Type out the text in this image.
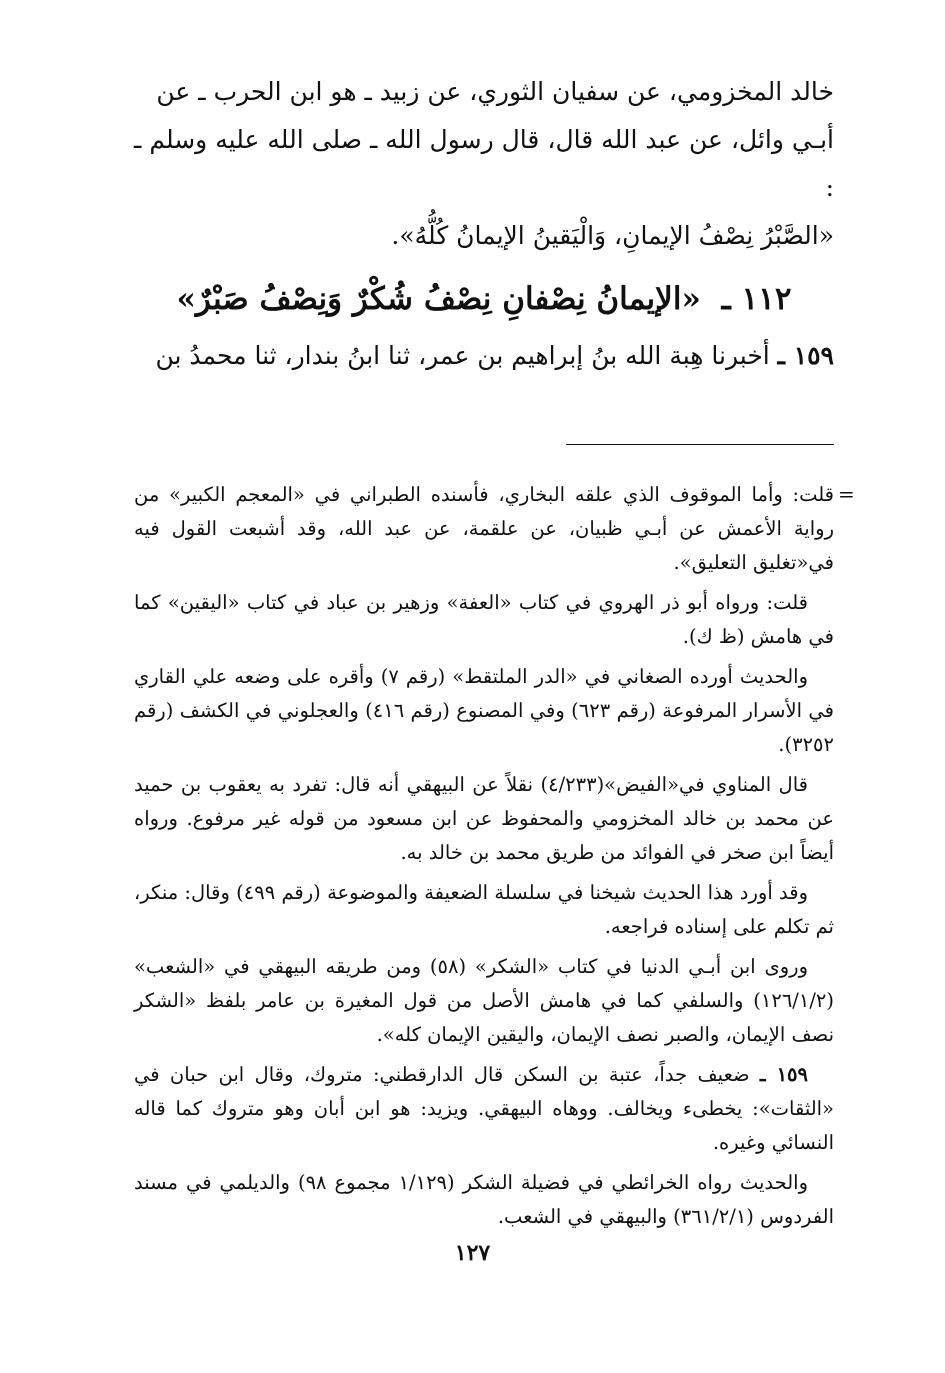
خالد المخزومي، عن سفيان الثوري، عن زبيد ـ هو ابن الحرب ـ عن

أبـي وائل، عن عبد الله قال، قال رسول الله ـ صلى الله عليه وسلم ـ :

«الصَّبْرُ نِصْفُ الإيمانِ، وَالْيَقينُ الإيمانُ كُلُّهُ».

١١٢ ـ «الإيمانُ نِصْفانِ نِصْفُ شُكْرٌ وَنِصْفُ صَبْرٌ»

١٥٩ ـ أخبرنا هِبة الله بنُ إبراهيم بن عمر، ثنا ابنُ بندار، ثنا محمدُ بن

=

قلت: وأما الموقوف الذي علقه البخاري، فأسنده الطبراني في «المعجم الكبير» من رواية الأعمش عن أبـي ظبيان، عن علقمة، عن عبد الله، وقد أشبعت القول فيه في«تغليق التعليق».

قلت: ورواه أبو ذر الهروي في كتاب «العفة» وزهير بن عباد في كتاب «اليقين» كما في هامش (ظ ك).

والحديث أورده الصغاني في «الدر الملتقط» (رقم ٧) وأقره على وضعه علي القاري في الأسرار المرفوعة (رقم ٦٢٣) وفي المصنوع (رقم ٤١٦) والعجلوني في الكشف (رقم ٣٢٥٢).

قال المناوي في«الفيض»(٤/٢٣٣) نقلاً عن البيهقي أنه قال: تفرد به يعقوب بن حميد عن محمد بن خالد المخزومي والمحفوظ عن ابن مسعود من قوله غير مرفوع. ورواه أيضاً ابن صخر في الفوائد من طريق محمد بن خالد به.

وقد أورد هذا الحديث شيخنا في سلسلة الضعيفة والموضوعة (رقم ٤٩٩) وقال: منكر، ثم تكلم على إسناده فراجعه.

وروى ابن أبـي الدنيا في كتاب «الشكر» (٥٨) ومن طريقه البيهقي في «الشعب» (١٢٦/١/٢) والسلفي كما في هامش الأصل من قول المغيرة بن عامر بلفظ «الشكر نصف الإيمان، والصبر نصف الإيمان، واليقين الإيمان كله».

١٥٩ ـ ضعيف جداً، عتبة بن السكن قال الدارقطني: متروك، وقال ابن حبان في «الثقات»: يخطىء ويخالف. ووهاه البيهقي. ويزيد: هو ابن أبان وهو متروك كما قاله النسائي وغيره.

والحديث رواه الخرائطي في فضيلة الشكر (١/١٢٩ مجموع ٩٨) والديلمي في مسند الفردوس (٣٦١/٢/١) والبيهقي في الشعب.

١٢٧
